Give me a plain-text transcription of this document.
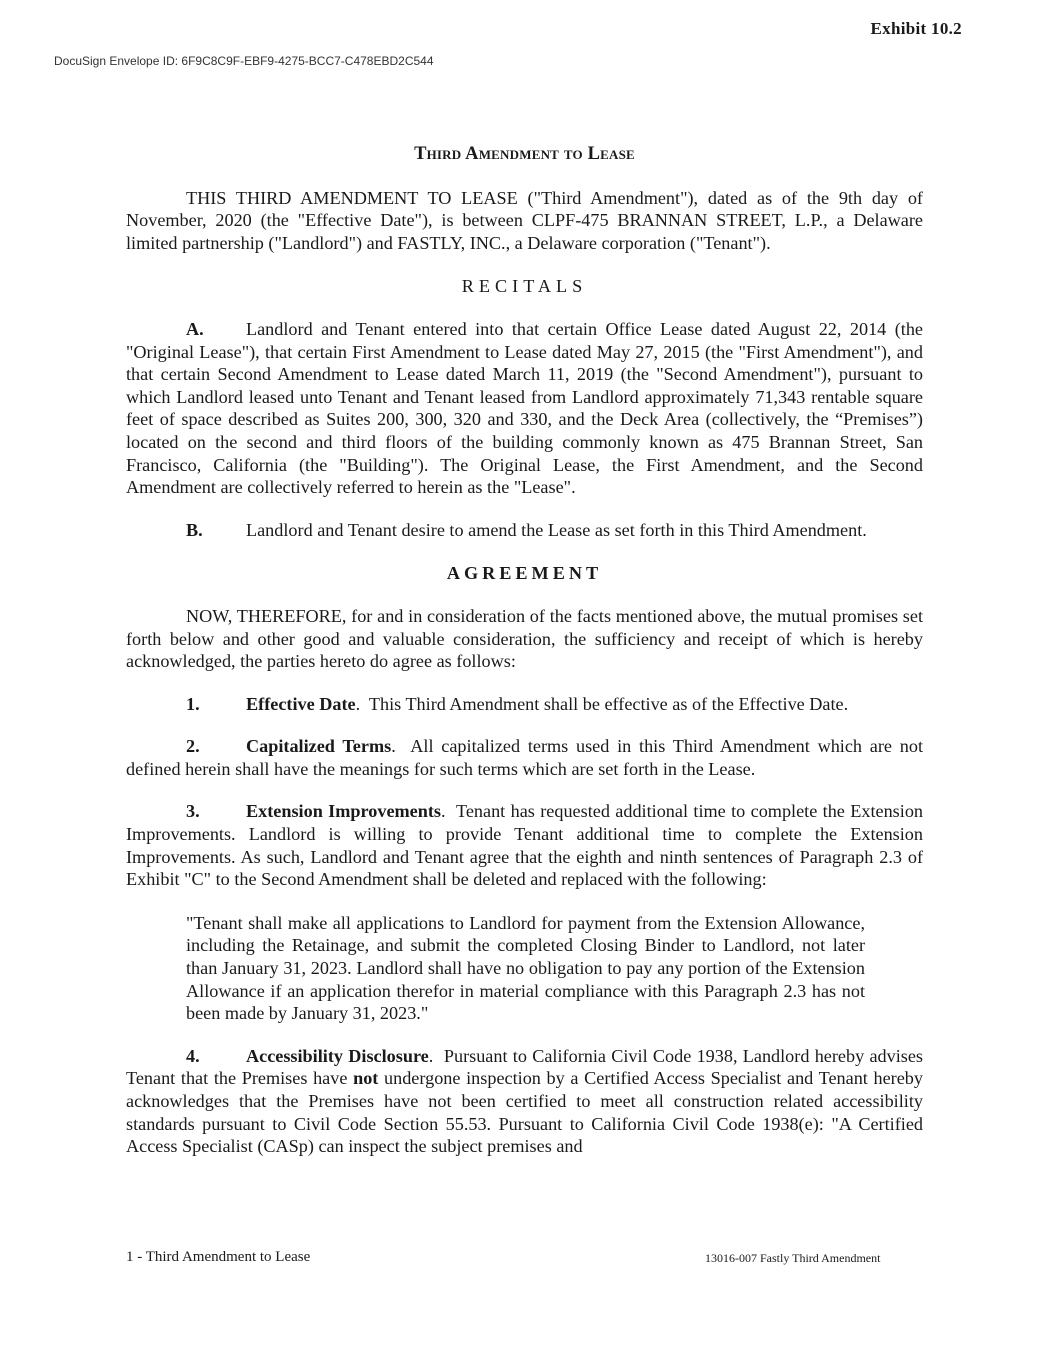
Exhibit 10.2
DocuSign Envelope ID: 6F9C8C9F-EBF9-4275-BCC7-C478EBD2C544

Third Amendment to Lease

THIS THIRD AMENDMENT TO LEASE ("Third Amendment"), dated as of the 9th day of November, 2020 (the "Effective Date"), is between CLPF-475 BRANNAN STREET, L.P., a Delaware limited partnership ("Landlord") and FASTLY, INC., a Delaware corporation ("Tenant").

RECITALS

A. Landlord and Tenant entered into that certain Office Lease dated August 22, 2014 (the "Original Lease"), that certain First Amendment to Lease dated May 27, 2015 (the "First Amendment"), and that certain Second Amendment to Lease dated March 11, 2019 (the "Second Amendment"), pursuant to which Landlord leased unto Tenant and Tenant leased from Landlord approximately 71,343 rentable square feet of space described as Suites 200, 300, 320 and 330, and the Deck Area (collectively, the “Premises”) located on the second and third floors of the building commonly known as 475 Brannan Street, San Francisco, California (the "Building"). The Original Lease, the First Amendment, and the Second Amendment are collectively referred to herein as the "Lease".

B. Landlord and Tenant desire to amend the Lease as set forth in this Third Amendment.

AGREEMENT

NOW, THEREFORE, for and in consideration of the facts mentioned above, the mutual promises set forth below and other good and valuable consideration, the sufficiency and receipt of which is hereby acknowledged, the parties hereto do agree as follows:

1.	Effective Date.  This Third Amendment shall be effective as of the Effective Date.

2.	Capitalized Terms.  All capitalized terms used in this Third Amendment which are not defined herein shall have the meanings for such terms which are set forth in the Lease.

3.	Extension Improvements.  Tenant has requested additional time to complete the Extension Improvements. Landlord is willing to provide Tenant additional time to complete the Extension Improvements. As such, Landlord and Tenant agree that the eighth and ninth sentences of Paragraph 2.3 of Exhibit "C" to the Second Amendment shall be deleted and replaced with the following:

"Tenant shall make all applications to Landlord for payment from the Extension Allowance, including the Retainage, and submit the completed Closing Binder to Landlord, not later than January 31, 2023. Landlord shall have no obligation to pay any portion of the Extension Allowance if an application therefor in material compliance with this Paragraph 2.3 has not been made by January 31, 2023."

4.	Accessibility Disclosure.  Pursuant to California Civil Code 1938, Landlord hereby advises Tenant that the Premises have not undergone inspection by a Certified Access Specialist and Tenant hereby acknowledges that the Premises have not been certified to meet all construction related accessibility standards pursuant to Civil Code Section 55.53. Pursuant to California Civil Code 1938(e): "A Certified Access Specialist (CASp) can inspect the subject premises and

1 - Third Amendment to Lease	13016-007 Fastly Third Amendment
